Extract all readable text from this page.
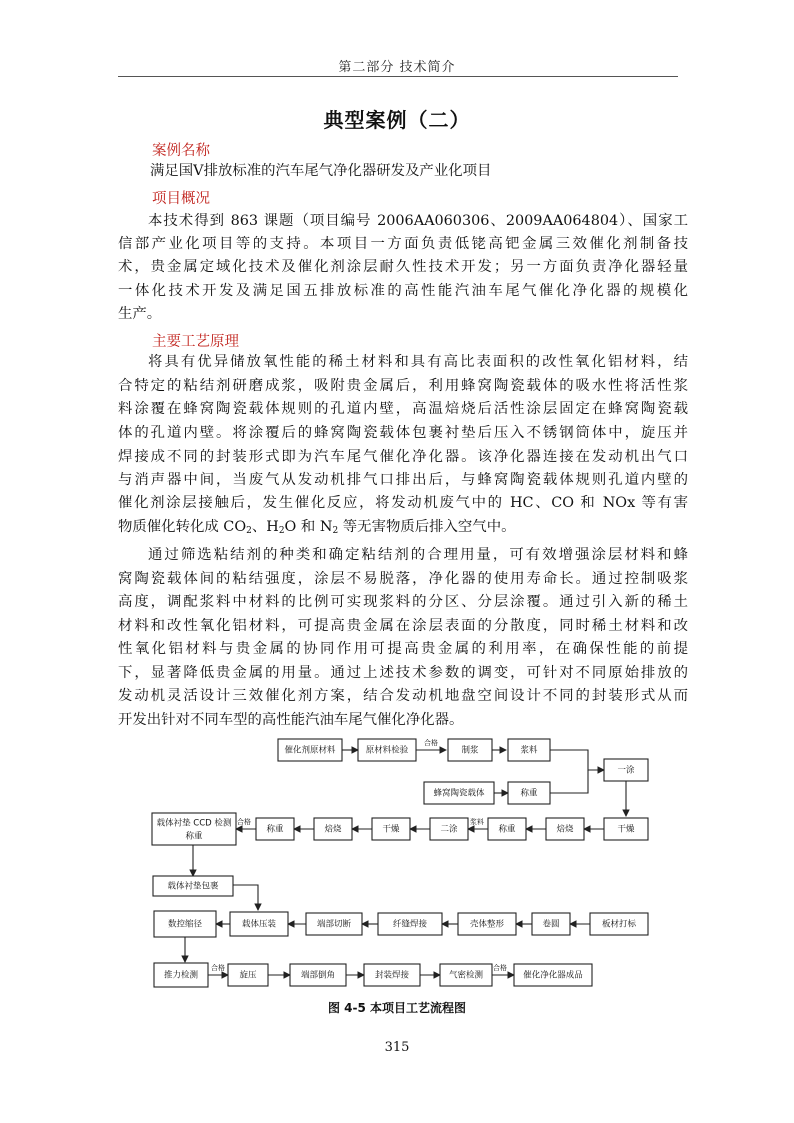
第二部分 技术简介
典型案例（二）
案例名称
满足国Ⅴ排放标准的汽车尾气净化器研发及产业化项目
项目概况
本技术得到 863 课题（项目编号 2006AA060306、2009AA064804）、国家工
信部产业化项目等的支持。本项目一方面负责低铑高钯金属三效催化剂制备技
术，贵金属定域化技术及催化剂涂层耐久性技术开发；另一方面负责净化器轻量
一体化技术开发及满足国五排放标准的高性能汽油车尾气催化净化器的规模化
生产。
主要工艺原理
将具有优异储放氧性能的稀土材料和具有高比表面积的改性氧化铝材料，结
合特定的粘结剂研磨成浆，吸附贵金属后，利用蜂窝陶瓷载体的吸水性将活性浆
料涂覆在蜂窝陶瓷载体规则的孔道内壁，高温焙烧后活性涂层固定在蜂窝陶瓷载
体的孔道内壁。将涂覆后的蜂窝陶瓷载体包裹衬垫后压入不锈钢筒体中，旋压并
焊接成不同的封装形式即为汽车尾气催化净化器。该净化器连接在发动机出气口
与消声器中间，当废气从发动机排气口排出后，与蜂窝陶瓷载体规则孔道内壁的
催化剂涂层接触后，发生催化反应，将发动机废气中的 HC、CO 和 NOx 等有害
物质催化转化成 $CO_2$、$H_2O$ 和 $N_2$ 等无害物质后排入空气中。
通过筛选粘结剂的种类和确定粘结剂的合理用量，可有效增强涂层材料和蜂
窝陶瓷载体间的粘结强度，涂层不易脱落，净化器的使用寿命长。通过控制吸浆
高度，调配浆料中材料的比例可实现浆料的分区、分层涂覆。通过引入新的稀土
材料和改性氧化铝材料，可提高贵金属在涂层表面的分散度，同时稀土材料和改
性氧化铝材料与贵金属的协同作用可提高贵金属的利用率，在确保性能的前提
下，显著降低贵金属的用量。通过上述技术参数的调变，可针对不同原始排放的
发动机灵活设计三效催化剂方案，结合发动机地盘空间设计不同的封装形式从而
开发出针对不同车型的高性能汽油车尾气催化净化器。
合格
浆料
合格
合格	合格
催化剂原材料	原材料检验	制浆	浆料
一涂
蜂窝陶瓷载体	称重
载体衬垫 CCD 检测
称重
称重	焙烧	干燥	二涂	称重	焙烧	干燥
载体衬垫包裹
数控缩径	载体压装	端部切断	纤缝焊接	壳体整形	卷圆	板材打标
推力检测	旋压	端部倒角	封装焊接	气密检测	催化净化器成品
图 4-5 本项目工艺流程图
315
